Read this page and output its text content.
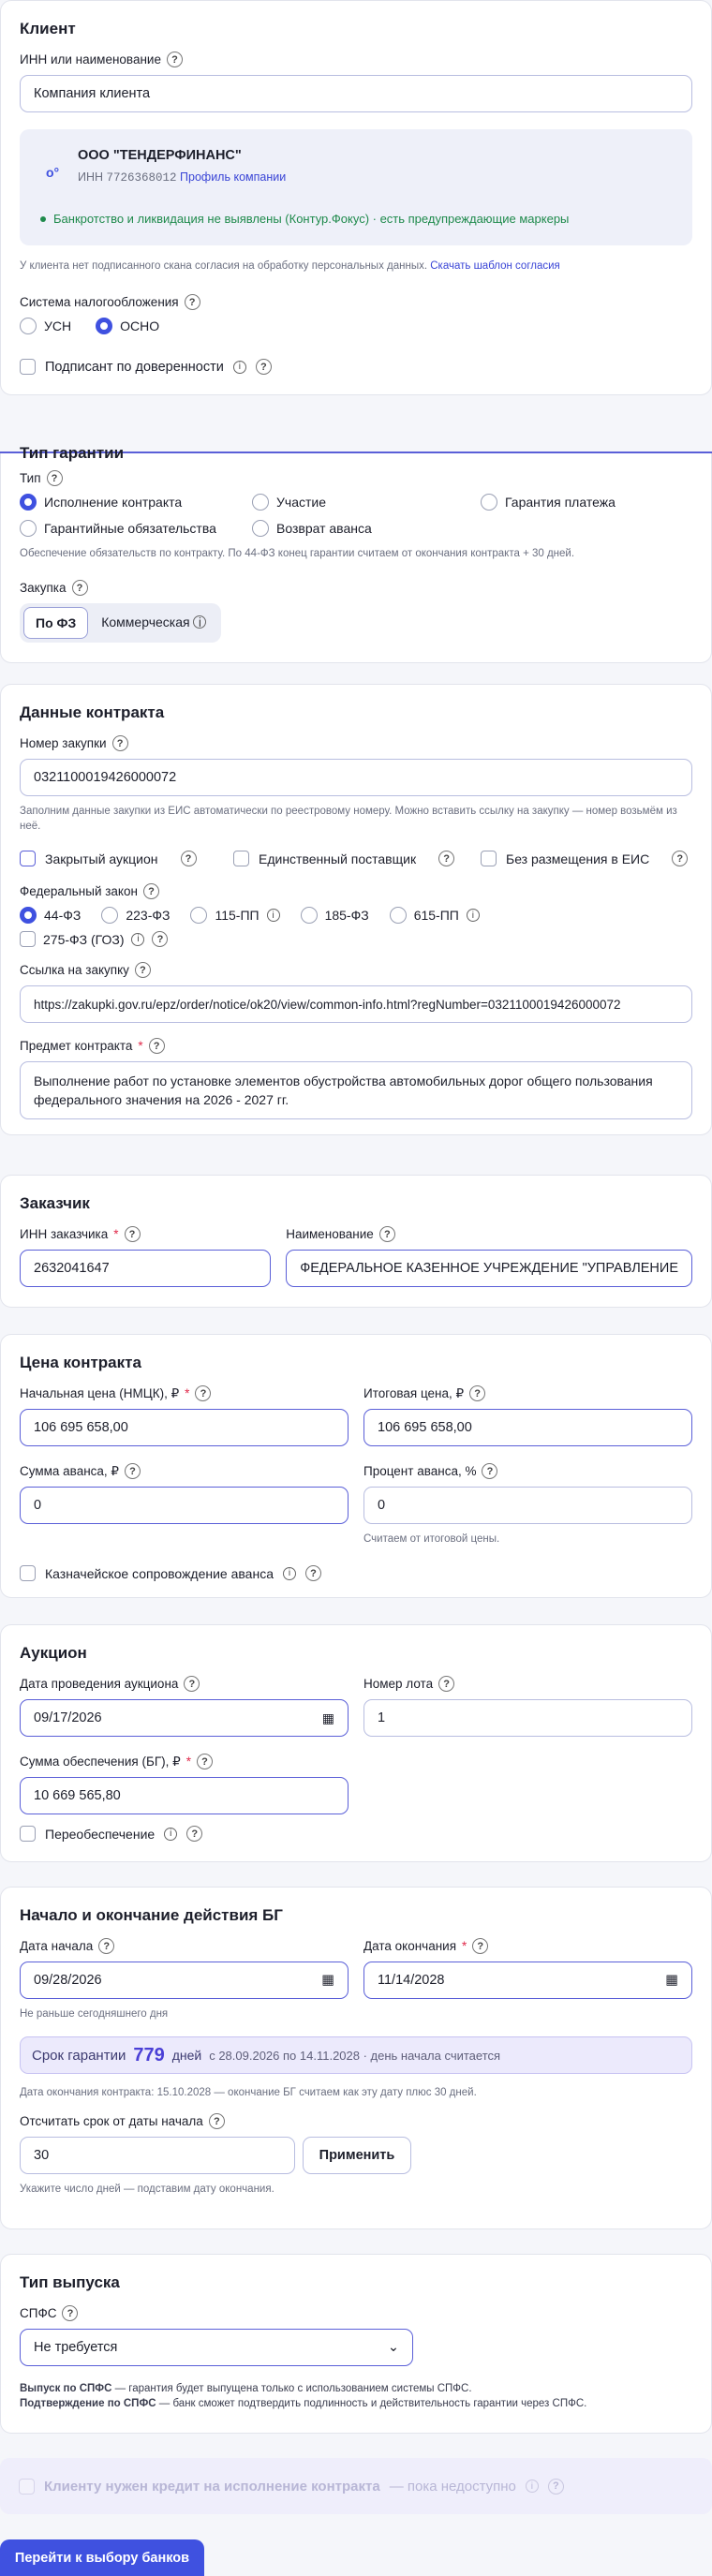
Клиент
ИНН или наименование	?
Компания клиента
o°
ООО "ТЕНДЕРФИНАНС"
ИНН 7726368012 Профиль компании
Банкротство и ликвидация не выявлены (Контур.Фокус) · есть предупреждающие маркеры
У клиента нет подписанного скана согласия на обработку персональных данных. Скачать шаблон согласия
Система налогообложения	?
УСН	ОСНО
Подписант по доверенности	i	?
Тип гарантии
Тип	?
Исполнение контракта	Участие	Гарантия платежа
Гарантийные обязательства	Возврат аванса
Обеспечение обязательств по контракту. По 44-ФЗ конец гарантии считаем от окончания контракта + 30 дней.
Закупка	?
По ФЗ	Коммерческая i
Данные контракта
Номер закупки	?
0321100019426000072
Заполним данные закупки из ЕИС автоматически по реестровому номеру. Можно вставить ссылку на закупку — номер возьмём из неё.
Закрытый аукцион	?	Единственный поставщик	?	Без размещения в ЕИС	?
Федеральный закон	?
44-ФЗ	223-ФЗ	115-ПП	i	185-ФЗ	615-ПП	i
275-ФЗ (ГОЗ)	i	?
Ссылка на закупку	?
https://zakupki.gov.ru/epz/order/notice/ok20/view/common-info.html?regNumber=0321100019426000072
Предмет контракта *	?
Выполнение работ по установке элементов обустройства автомобильных дорог общего пользования федерального значения на 2026 - 2027 гг.
Заказчик
ИНН заказчика *	?
2632041647
Наименование	?
ФЕДЕРАЛЬНОЕ КАЗЕННОЕ УЧРЕЖДЕНИЕ "УПРАВЛЕНИЕ
Цена контракта
Начальная цена (НМЦК), ₽ *	?
106 695 658,00
Итоговая цена, ₽	?
106 695 658,00
Сумма аванса, ₽	?
0
Процент аванса, %	?
0
Считаем от итоговой цены.
Казначейское сопровождение аванса	i	?
Аукцион
Дата проведения аукциона	?
09/17/2026	▦
Номер лота	?
1
Сумма обеспечения (БГ), ₽ *	?
10 669 565,80
Переобеспечение	i	?
Начало и окончание действия БГ
Дата начала	?
09/28/2026	▦
Не раньше сегодняшнего дня
Дата окончания *	?
11/14/2028	▦
Срок гарантии 779 дней с 28.09.2026 по 14.11.2028 · день начала считается
Дата окончания контракта: 15.10.2028 — окончание БГ считаем как эту дату плюс 30 дней.
Отсчитать срок от даты начала	?
30	Применить
Укажите число дней — подставим дату окончания.
Тип выпуска
СПФС	?
Не требуется	⌄
Выпуск по СПФС — гарантия будет выпущена только с использованием системы СПФС.
Подтверждение по СПФС — банк сможет подтвердить подлинность и действительность гарантии через СПФС.
Клиенту нужен кредит на исполнение контракта — пока недоступно	i	?
Перейти к выбору банков
